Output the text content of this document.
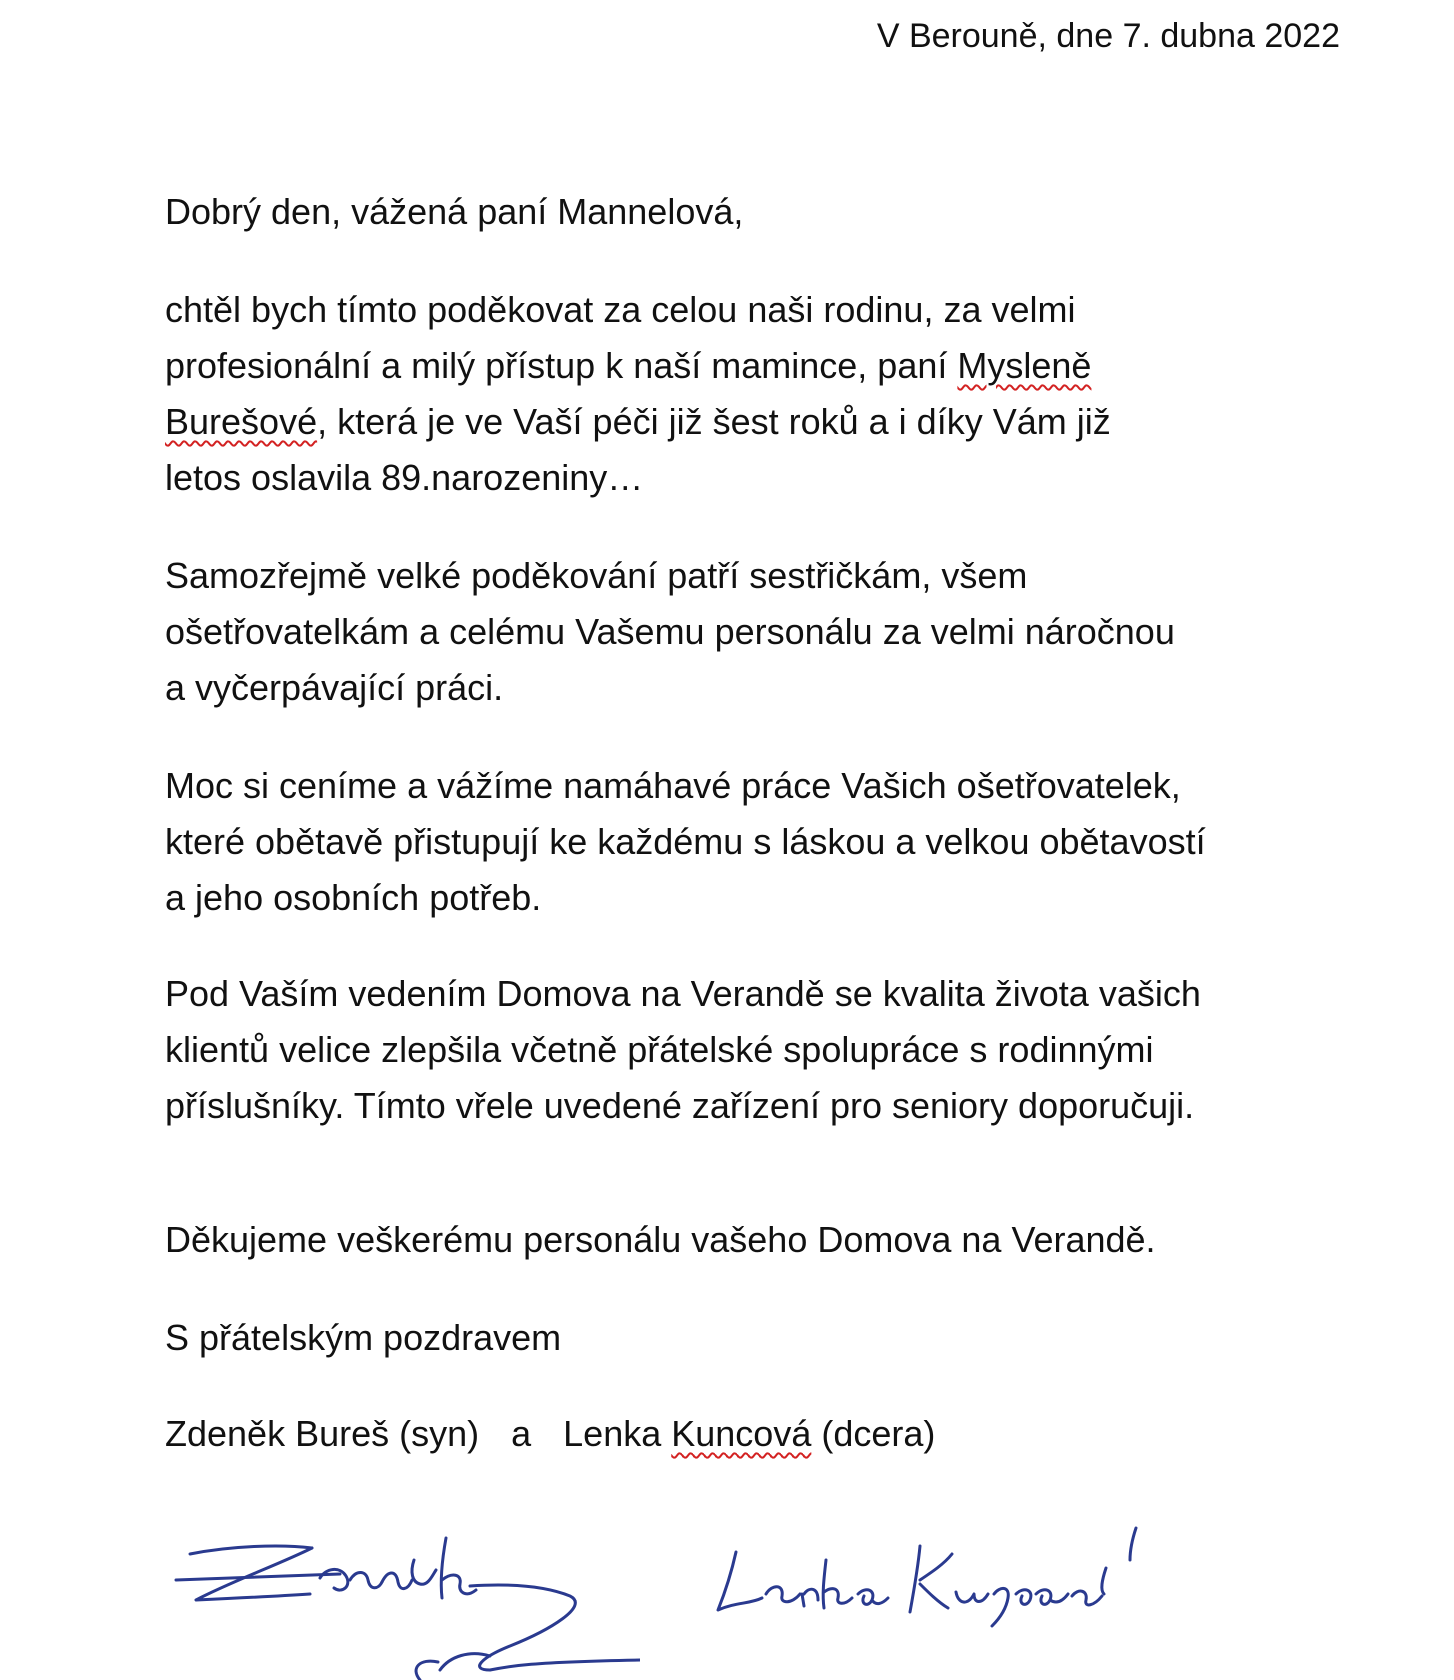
V Berouně, dne 7. dubna 2022
Dobrý den, vážená paní Mannelová,
chtěl bych tímto poděkovat za celou naši rodinu, za velmi
profesionální a milý přístup k naší mamince, paní Mysleně
Burešové, která je ve Vaší péči již šest roků a i díky Vám již
letos oslavila 89.narozeniny…
Samozřejmě velké poděkování patří sestřičkám, všem
ošetřovatelkám a celému Vašemu personálu za velmi náročnou
a vyčerpávající práci.
Moc si ceníme a vážíme namáhavé práce Vašich ošetřovatelek,
které obětavě přistupují ke každému s láskou a velkou obětavostí
a jeho osobních potřeb.
Pod Vaším vedením Domova na Verandě se kvalita života vašich
klientů velice zlepšila včetně přátelské spolupráce s rodinnými
příslušníky. Tímto vřele uvedené zařízení pro seniory doporučuji.
Děkujeme veškerému personálu vašeho Domova na Verandě.
S přátelským pozdravem
Zdeněk Bureš (syn) a Lenka Kuncová (dcera)
